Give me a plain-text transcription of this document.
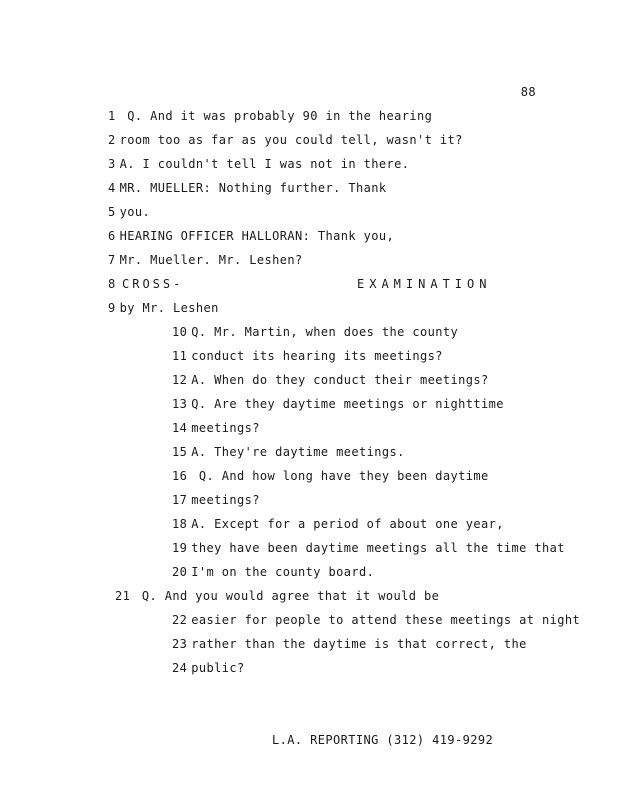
88
1 Q. And it was probably 90 in the hearing
2 room too as far as you could tell, wasn't it?
3 A. I couldn't tell I was not in there.
4 MR. MUELLER: Nothing further. Thank
5 you.
6 HEARING OFFICER HALLORAN: Thank you,
7 Mr. Mueller. Mr. Leshen?
8 CROSS-	EXAMINATION
9 by Mr. Leshen
10 Q. Mr. Martin, when does the county
11 conduct its hearing its meetings?
12 A. When do they conduct their meetings?
13 Q. Are they daytime meetings or nighttime
14 meetings?
15 A. They're daytime meetings.
16 Q. And how long have they been daytime
17 meetings?
18 A. Except for a period of about one year,
19 they have been daytime meetings all the time that
20 I'm on the county board.
21 Q. And you would agree that it would be
22 easier for people to attend these meetings at night
23 rather than the daytime is that correct, the
24 public?
L.A. REPORTING (312) 419-9292
